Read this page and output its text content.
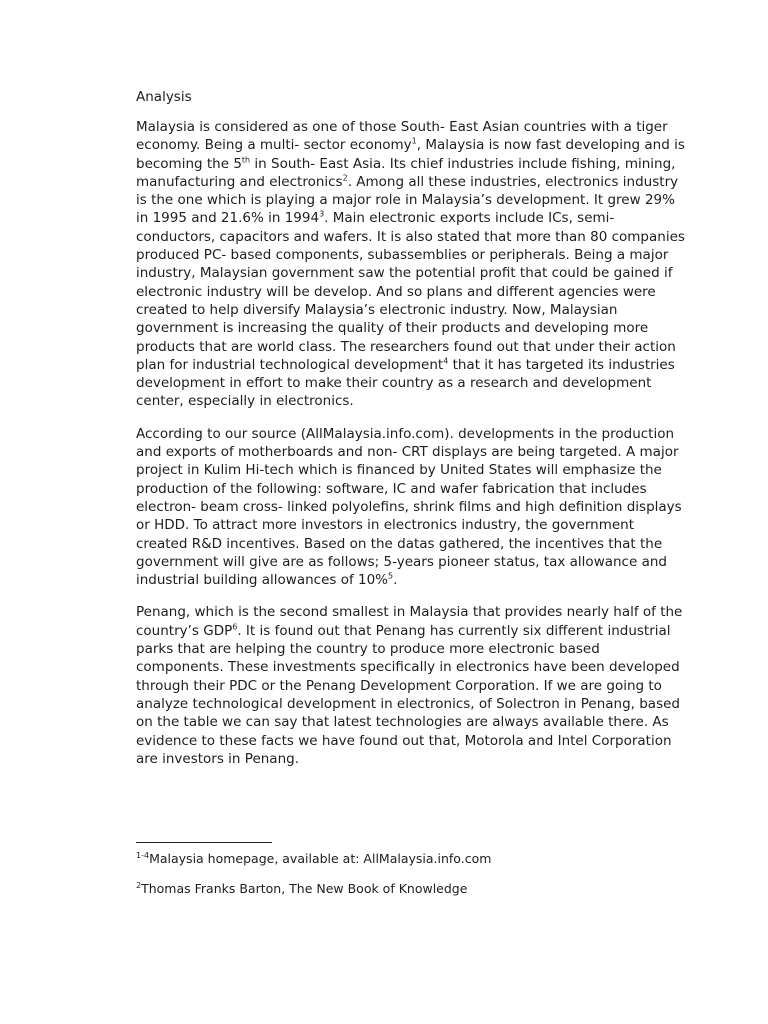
Analysis

Malaysia is considered as one of those South- East Asian countries with a tiger economy. Being a multi- sector economy$^1$, Malaysia is now fast developing and is becoming the 5th in South- East Asia. Its chief industries include fishing, mining, manufacturing and electronics$^2$. Among all these industries, electronics industry is the one which is playing a major role in Malaysia’s development. It grew 29% in 1995 and 21.6% in 1994$^3$. Main electronic exports include ICs, semi- conductors, capacitors and wafers. It is also stated that more than 80 companies produced PC- based components, subassemblies or peripherals. Being a major industry, Malaysian government saw the potential profit that could be gained if electronic industry will be develop. And so plans and different agencies were created to help diversify Malaysia’s electronic industry. Now, Malaysian government is increasing the quality of their products and developing more products that are world class. The researchers found out that under their action plan for industrial technological development$^4$ that it has targeted its industries development in effort to make their country as a research and development center, especially in electronics.

According to our source (AllMalaysia.info.com). developments in the production and exports of motherboards and non- CRT displays are being targeted. A major project in Kulim Hi-tech which is financed by United States will emphasize the production of the following: software, IC and wafer fabrication that includes electron- beam cross- linked polyolefins, shrink films and high definition displays or HDD. To attract more investors in electronics industry, the government created R&D incentives. Based on the datas gathered, the incentives that the government will give are as follows; 5-years pioneer status, tax allowance and industrial building allowances of 10%$^5$.

Penang, which is the second smallest in Malaysia that provides nearly half of the country’s GDP$^6$. It is found out that Penang has currently six different industrial parks that are helping the country to produce more electronic based components. These investments specifically in electronics have been developed through their PDC or the Penang Development Corporation. If we are going to analyze technological development in electronics, of Solectron in Penang, based on the table we can say that latest technologies are always available there. As evidence to these facts we have found out that, Motorola and Intel Corporation are investors in Penang.

$^{1-4}$Malaysia homepage, available at: AllMalaysia.info.com
$^2$Thomas Franks Barton, The New Book of Knowledge
